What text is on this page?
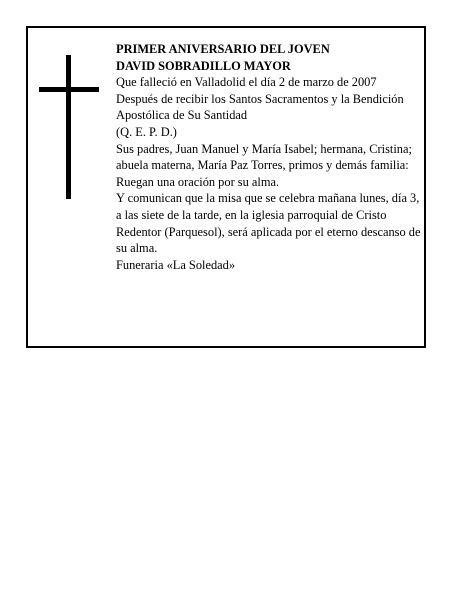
PRIMER ANIVERSARIO DEL JOVEN

DAVID SOBRADILLO MAYOR

Que falleció en Valladolid el día 2 de marzo de 2007

Después de recibir los Santos Sacramentos y la Bendición Apostólica de Su Santidad

(Q. E. P. D.)

Sus padres, Juan Manuel y María Isabel; hermana, Cristina; abuela materna, María Paz Torres, primos y demás familia:

Ruegan una oración por su alma.

Y comunican que la misa que se celebra mañana lunes, día 3, a las siete de la tarde, en la iglesia parroquial de Cristo Redentor (Parquesol), será aplicada por el eterno descanso de su alma.

Funeraria «La Soledad»
